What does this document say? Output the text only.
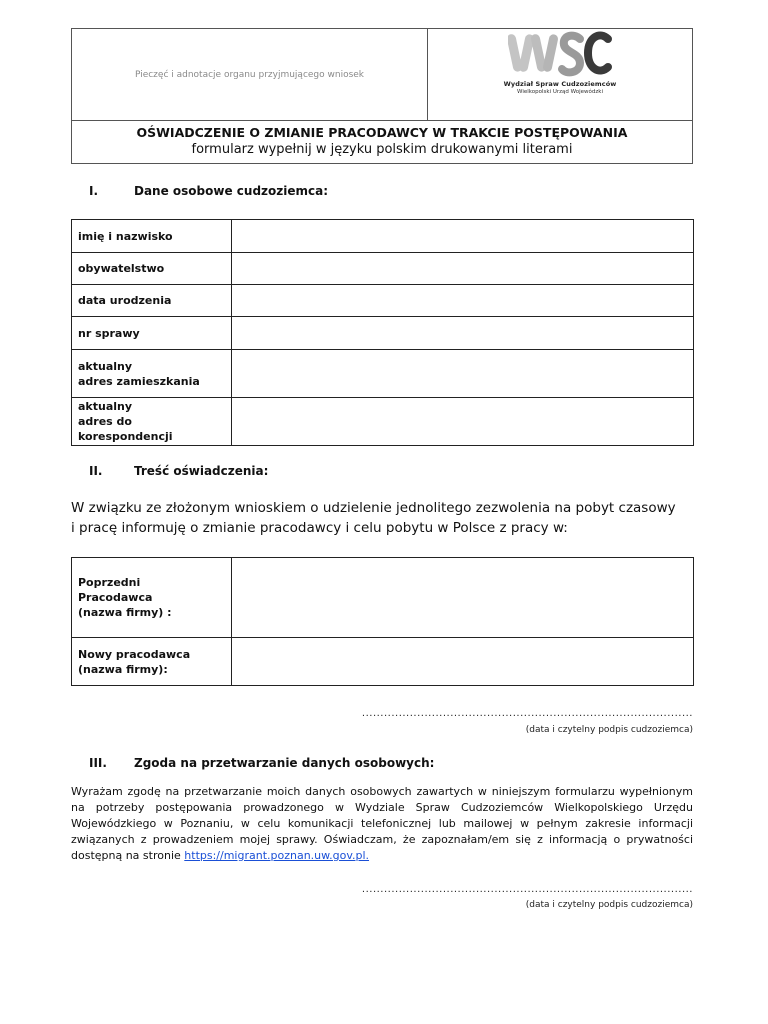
Pieczęć i adnotacje organu przyjmującego wniosek
Wydział Spraw Cudzoziemców
Wielkopolski Urząd Wojewódzki
OŚWIADCZENIE O ZMIANIE PRACODAWCY W TRAKCIE POSTĘPOWANIA
formularz wypełnij w języku polskim drukowanymi literami
I.	Dane osobowe cudzoziemca:
imię i nazwisko	

obywatelstwo	

data urodzenia	

nr sprawy	

aktualny
adres zamieszkania	

aktualny
adres do korespondencji	

II.	Treść oświadczenia:
W związku ze złożonym wnioskiem o udzielenie jednolitego zezwolenia na pobyt czasowy
i pracę informuję o zmianie pracodawcy i celu pobytu w Polsce z pracy w:
Poprzedni
Pracodawca
(nazwa firmy) :	

Nowy pracodawca
(nazwa firmy):	

..........................................................................................
(data i czytelny podpis cudzoziemca)
III. Zgoda na przetwarzanie danych osobowych:
Wyrażam zgodę na przetwarzanie moich danych osobowych zawartych w niniejszym formularzu wypełnionym na potrzeby postępowania prowadzonego w Wydziale Spraw Cudzoziemców Wielkopolskiego Urzędu Wojewódzkiego w Poznaniu, w celu komunikacji telefonicznej lub mailowej w pełnym zakresie informacji związanych z prowadzeniem mojej sprawy. Oświadczam, że zapoznałam/em się z informacją o prywatności dostępną na stronie https://migrant.poznan.uw.gov.pl.
..........................................................................................
(data i czytelny podpis cudzoziemca)
